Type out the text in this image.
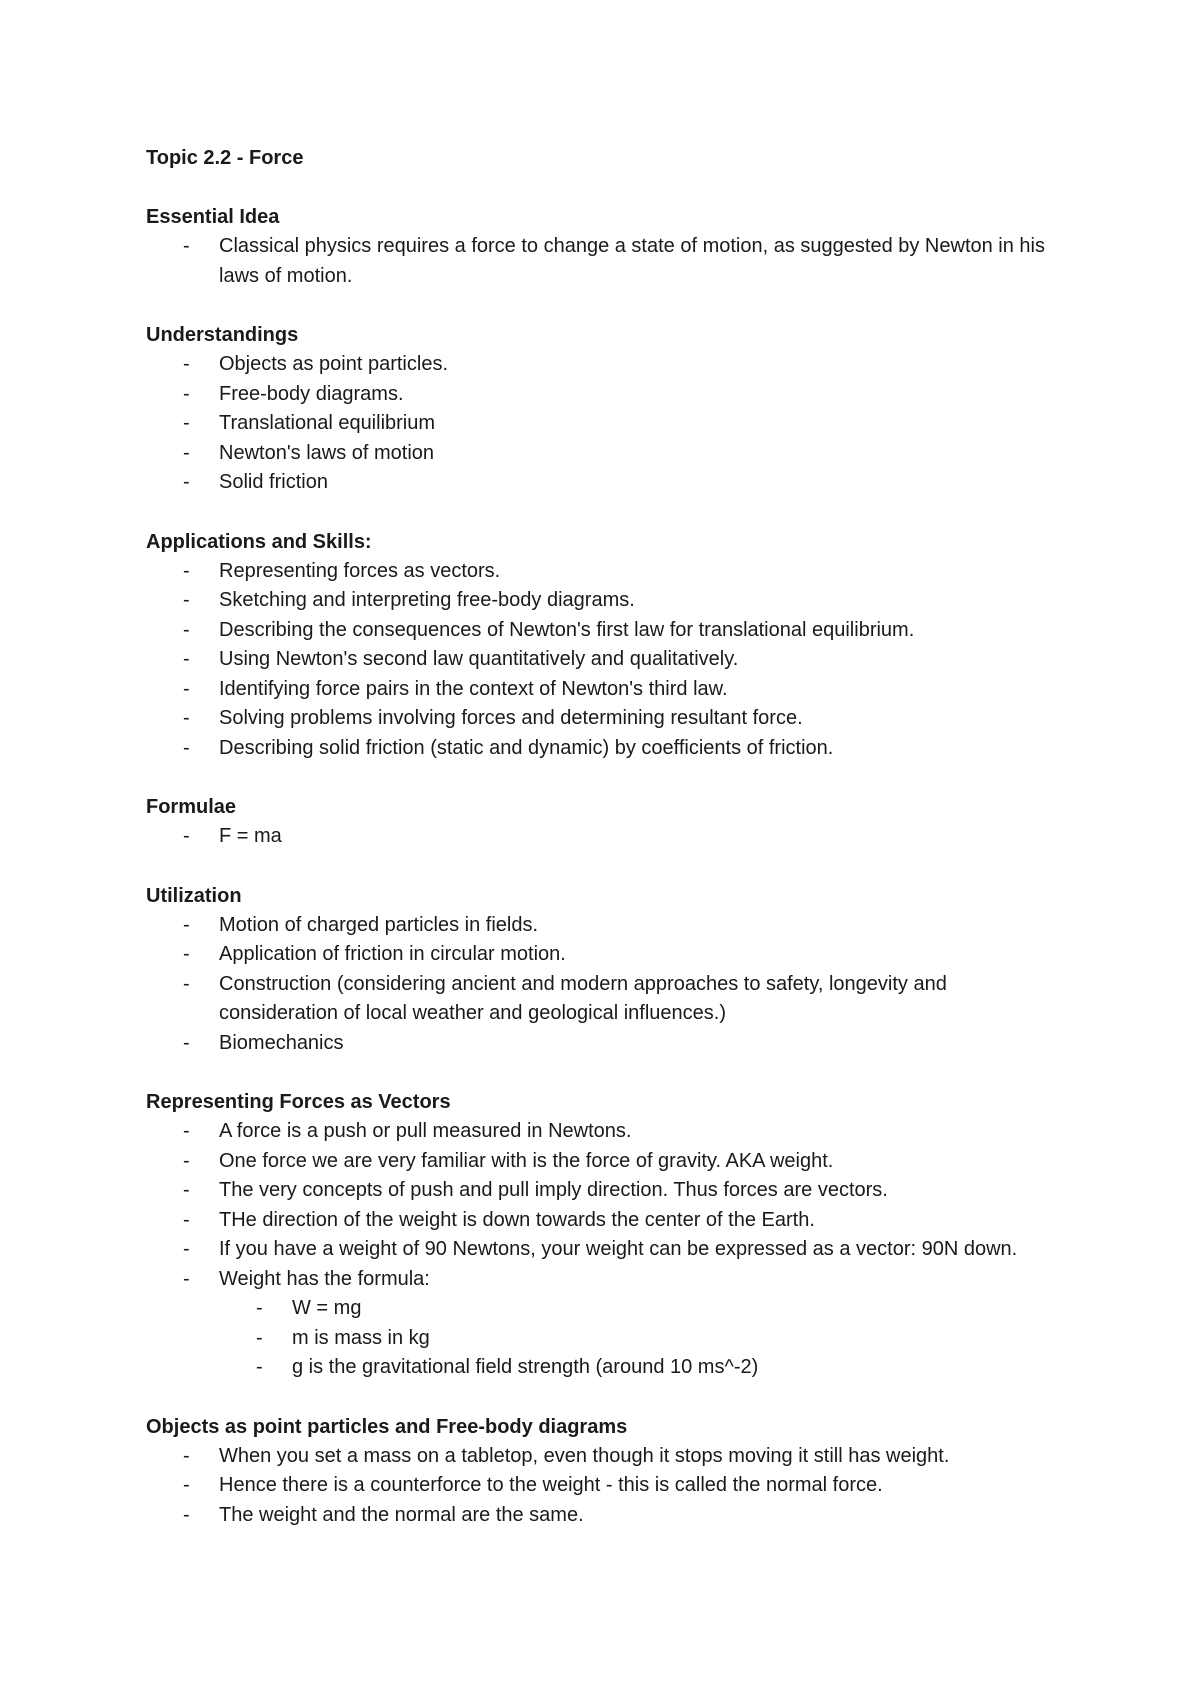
Topic 2.2 - Force
Essential Idea
- Classical physics requires a force to change a state of motion, as suggested by Newton in his laws of motion.
Understandings
- Objects as point particles.
- Free-body diagrams.
- Translational equilibrium
- Newton's laws of motion
- Solid friction
Applications and Skills:
- Representing forces as vectors.
- Sketching and interpreting free-body diagrams.
- Describing the consequences of Newton's first law for translational equilibrium.
- Using Newton's second law quantitatively and qualitatively.
- Identifying force pairs in the context of Newton's third law.
- Solving problems involving forces and determining resultant force.
- Describing solid friction (static and dynamic) by coefficients of friction.
Formulae
- F = ma
Utilization
- Motion of charged particles in fields.
- Application of friction in circular motion.
- Construction (considering ancient and modern approaches to safety, longevity and consideration of local weather and geological influences.)
- Biomechanics
Representing Forces as Vectors
- A force is a push or pull measured in Newtons.
- One force we are very familiar with is the force of gravity. AKA weight.
- The very concepts of push and pull imply direction. Thus forces are vectors.
- THe direction of the weight is down towards the center of the Earth.
- If you have a weight of 90 Newtons, your weight can be expressed as a vector: 90N down.
- Weight has the formula:
- W = mg
- m is mass in kg
- g is the gravitational field strength (around 10 ms^-2)
Objects as point particles and Free-body diagrams
- When you set a mass on a tabletop, even though it stops moving it still has weight.
- Hence there is a counterforce to the weight - this is called the normal force.
- The weight and the normal are the same.
